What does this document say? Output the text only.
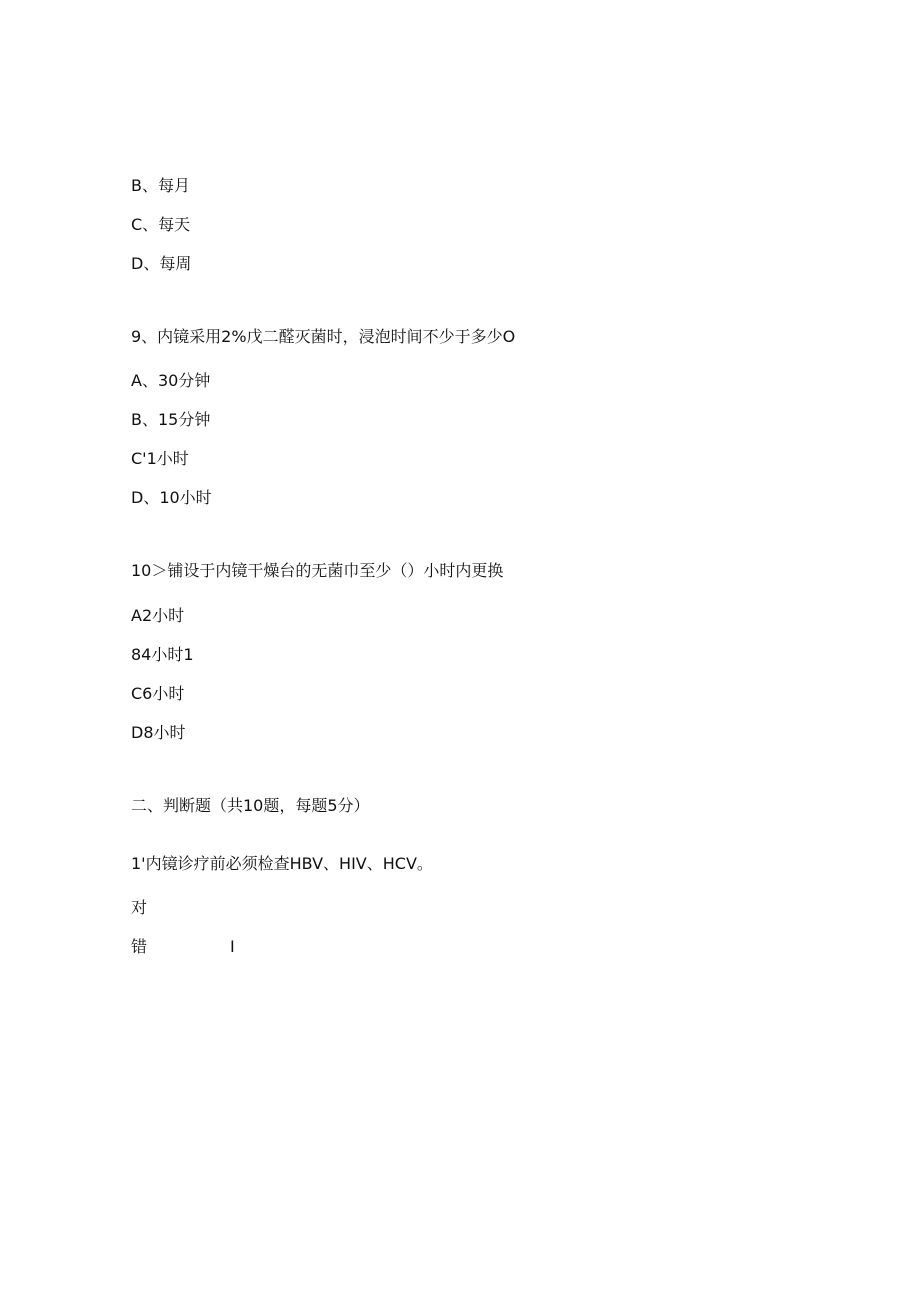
B、每月
C、每天
D、每周
9、内镜采用2%戊二醛灭菌时，浸泡时间不少于多少O
A、30分钟
B、15分钟
C'1小时
D、10小时
10＞铺设于内镜干燥台的无菌巾至少（）小时内更换
A2小时
84小时1
C6小时
D8小时
二、判断题（共10题，每题5分）
1'内镜诊疗前必须检查HBV、HIV、HCV。
对
错	I
